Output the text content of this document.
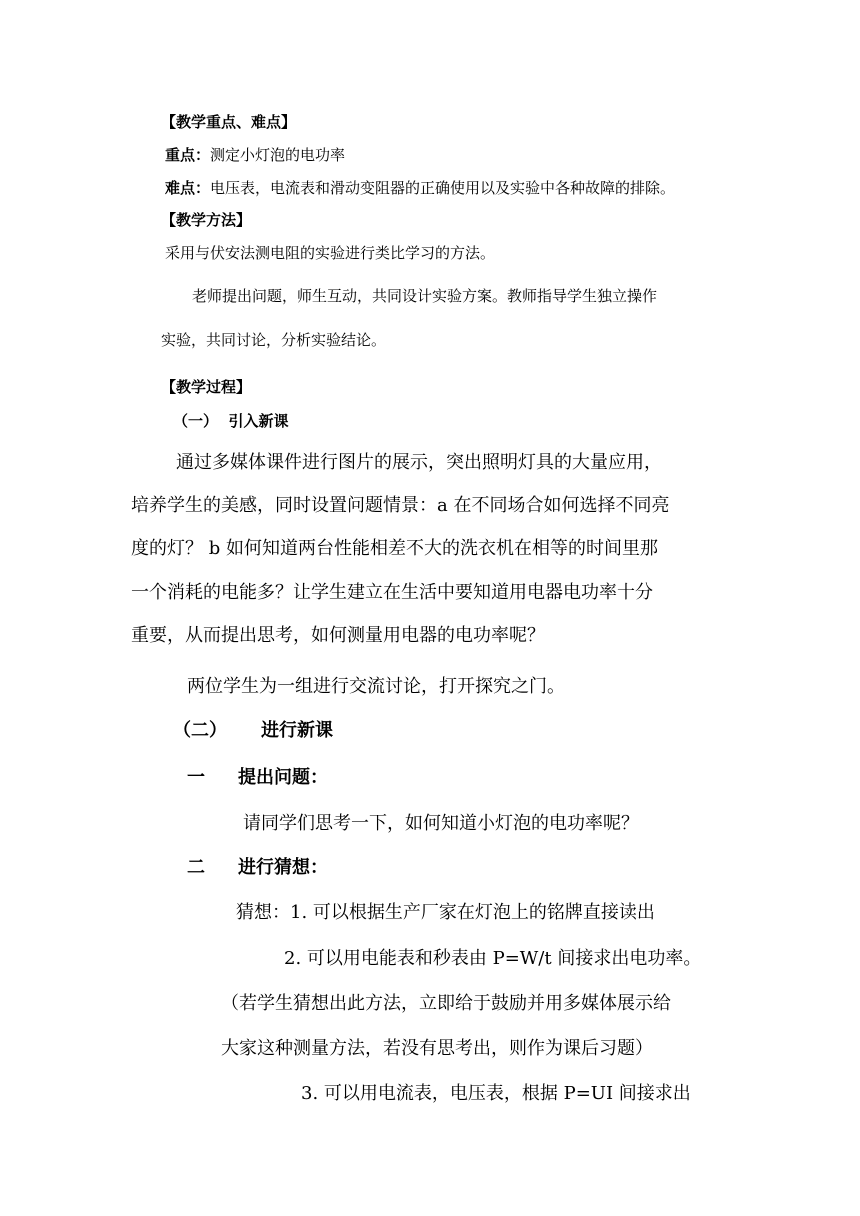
【教学重点、难点】
重点：测定小灯泡的电功率
难点：电压表，电流表和滑动变阻器的正确使用以及实验中各种故障的排除。
【教学方法】
采用与伏安法测电阻的实验进行类比学习的方法。
老师提出问题，师生互动，共同设计实验方案。教师指导学生独立操作
实验，共同讨论，分析实验结论。
【教学过程】
（一） 引入新课
通过多媒体课件进行图片的展示，突出照明灯具的大量应用，
培养学生的美感，同时设置问题情景：a 在不同场合如何选择不同亮
度的灯？ b 如何知道两台性能相差不大的洗衣机在相等的时间里那
一个消耗的电能多？让学生建立在生活中要知道用电器电功率十分
重要，从而提出思考，如何测量用电器的电功率呢？
两位学生为一组进行交流讨论，打开探究之门。
（二） 进行新课
一 提出问题：
请同学们思考一下，如何知道小灯泡的电功率呢？
二 进行猜想：
猜想：1. 可以根据生产厂家在灯泡上的铭牌直接读出
2. 可以用电能表和秒表由 P=W/t 间接求出电功率。
（若学生猜想出此方法，立即给于鼓励并用多媒体展示给
大家这种测量方法，若没有思考出，则作为课后习题）
3. 可以用电流表，电压表，根据 P=UI 间接求出
